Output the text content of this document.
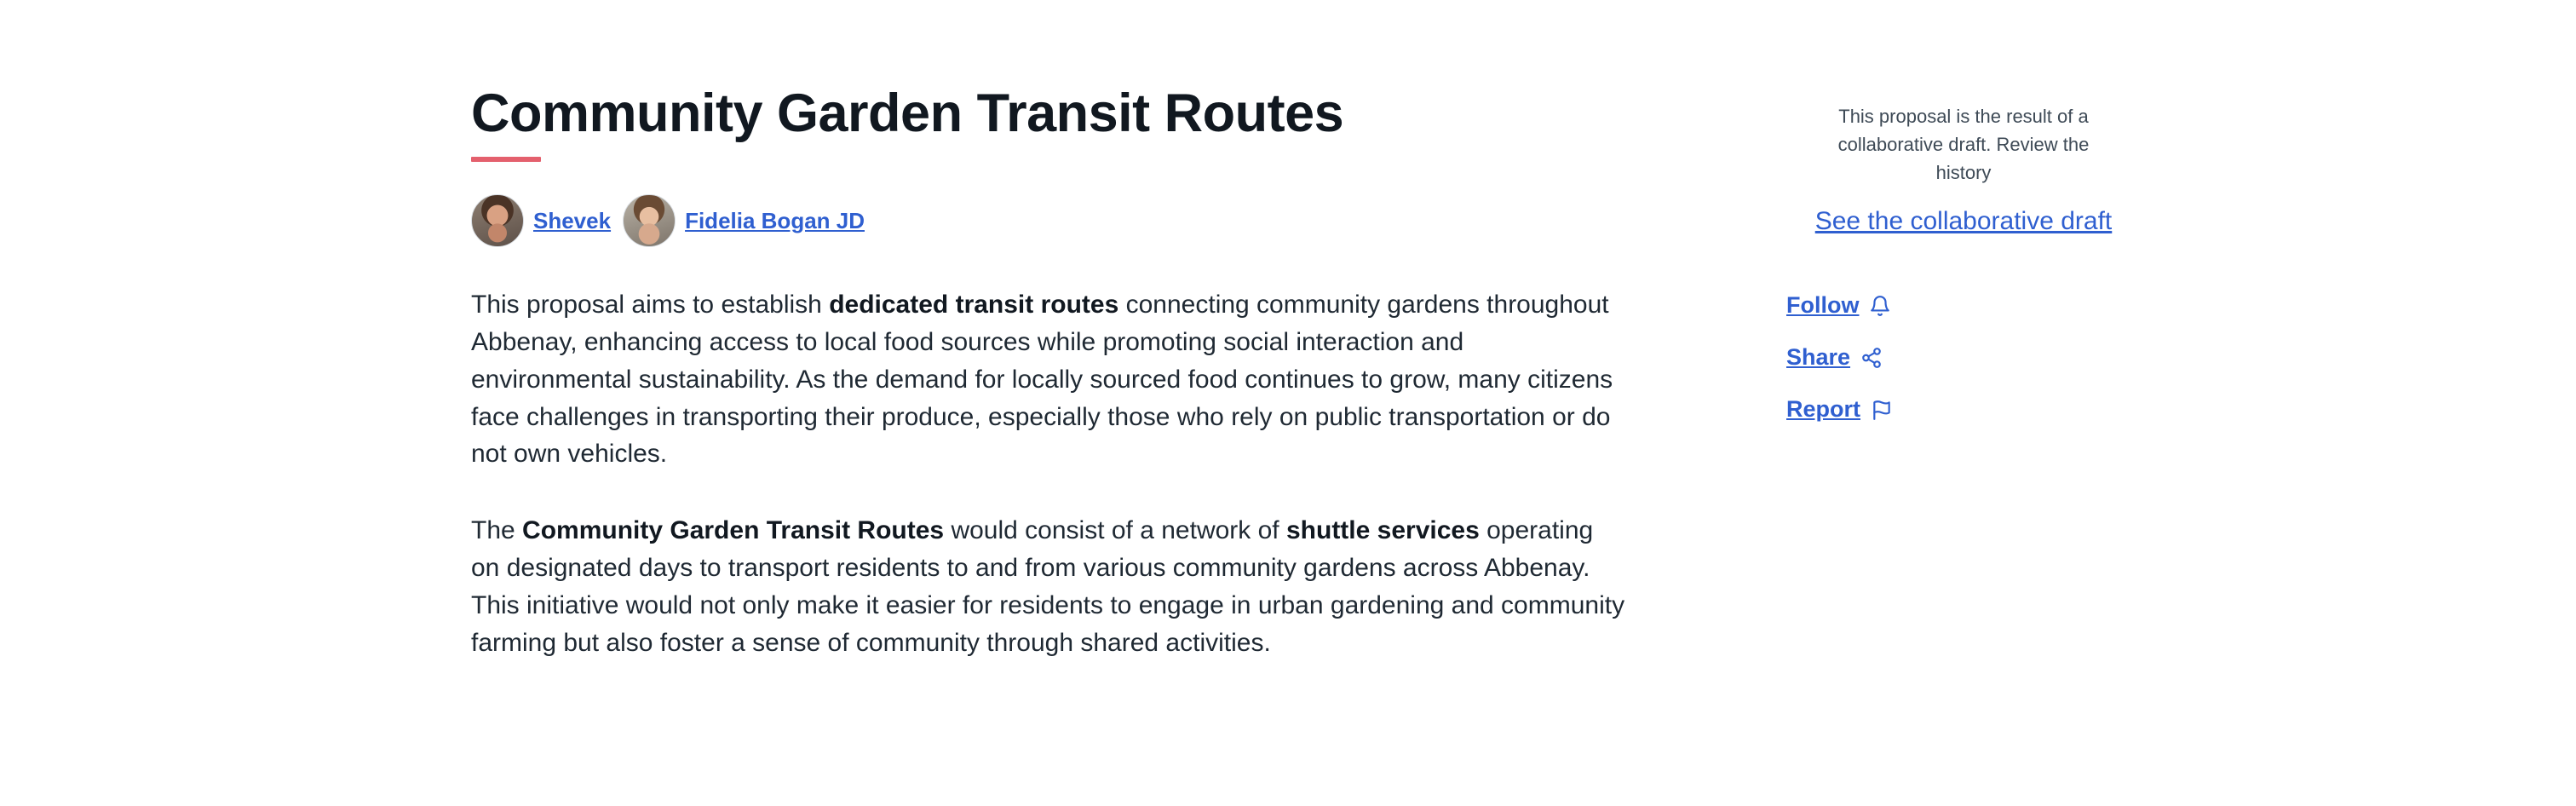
Community Garden Transit Routes
Shevek	Fidelia Bogan JD

This proposal aims to establish dedicated transit routes connecting community gardens throughout Abbenay, enhancing access to local food sources while promoting social interaction and environmental sustainability. As the demand for locally sourced food continues to grow, many citizens face challenges in transporting their produce, especially those who rely on public transportation or do not own vehicles.

The Community Garden Transit Routes would consist of a network of shuttle services operating on designated days to transport residents to and from various community gardens across Abbenay. This initiative would not only make it easier for residents to engage in urban gardening and community farming but also foster a sense of community through shared activities.

This proposal is the result of a collaborative draft. Review the history

See the collaborative draft
Follow
Share
Report
